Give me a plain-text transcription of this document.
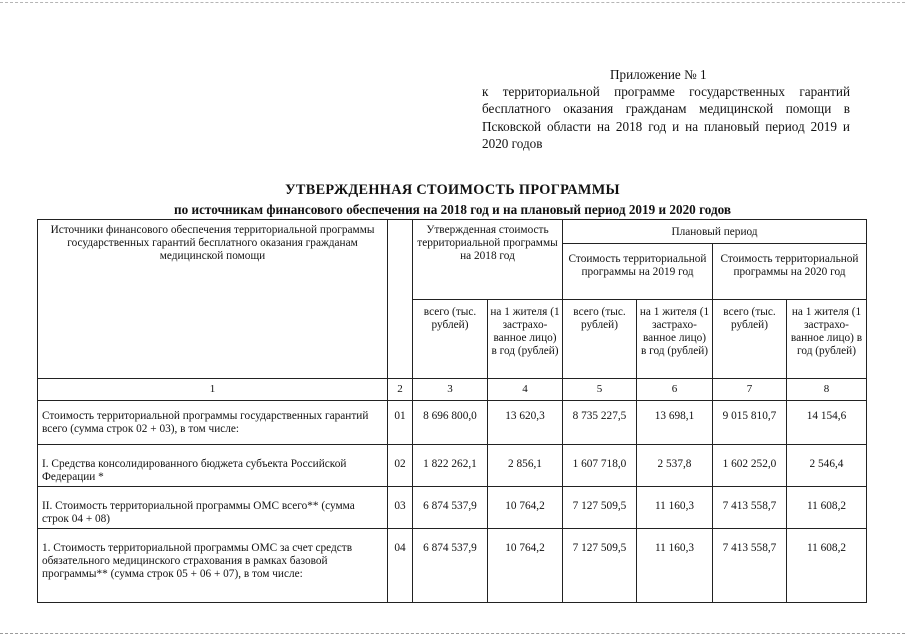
Приложение № 1
к территориальной программе государственных гарантий бесплатного оказания гражданам медицинской помощи в Псковской области на 2018 год и на плановый период 2019 и 2020 годов
УТВЕРЖДЕННАЯ СТОИМОСТЬ ПРОГРАММЫ
по источникам финансового обеспечения на 2018 год и на плановый период 2019 и 2020 годов
Источники финансового обеспечения территориальной программы государственных гарантий бесплатного оказания гражданам медицинской помощи		Утвержденная стоимость территориальной программы на 2018 год		Плановый период			
				Стоимость территориальной программы на 2019 год		Стоимость территориальной программы на 2020 год	
		всего (тыс. рублей)	на 1 жителя (1 застрахо-ванное лицо) в год (рублей)	всего (тыс. рублей)	на 1 жителя (1 застрахо-ванное лицо) в год (рублей)	всего (тыс. рублей)	на 1 жителя (1 застрахо-ванное лицо) в год (рублей)
1	2	3	4	5	6	7	8
Стоимость территориальной программы государственных гарантий всего (сумма строк 02 + 03), в том числе:	01	8 696 800,0	13 620,3	8 735 227,5	13 698,1	9 015 810,7	14 154,6
I. Средства консолидированного бюджета субъекта Российской Федерации *	02	1 822 262,1	2 856,1	1 607 718,0	2 537,8	1 602 252,0	2 546,4
II. Стоимость территориальной программы ОМС всего** (сумма строк 04 + 08)	03	6 874 537,9	10 764,2	7 127 509,5	11 160,3	7 413 558,7	11 608,2
1. Стоимость территориальной программы ОМС за счет средств обязательного медицинского страхования в рамках базовой программы** (сумма строк 05 + 06 + 07), в том числе:	04	6 874 537,9	10 764,2	7 127 509,5	11 160,3	7 413 558,7	11 608,2
